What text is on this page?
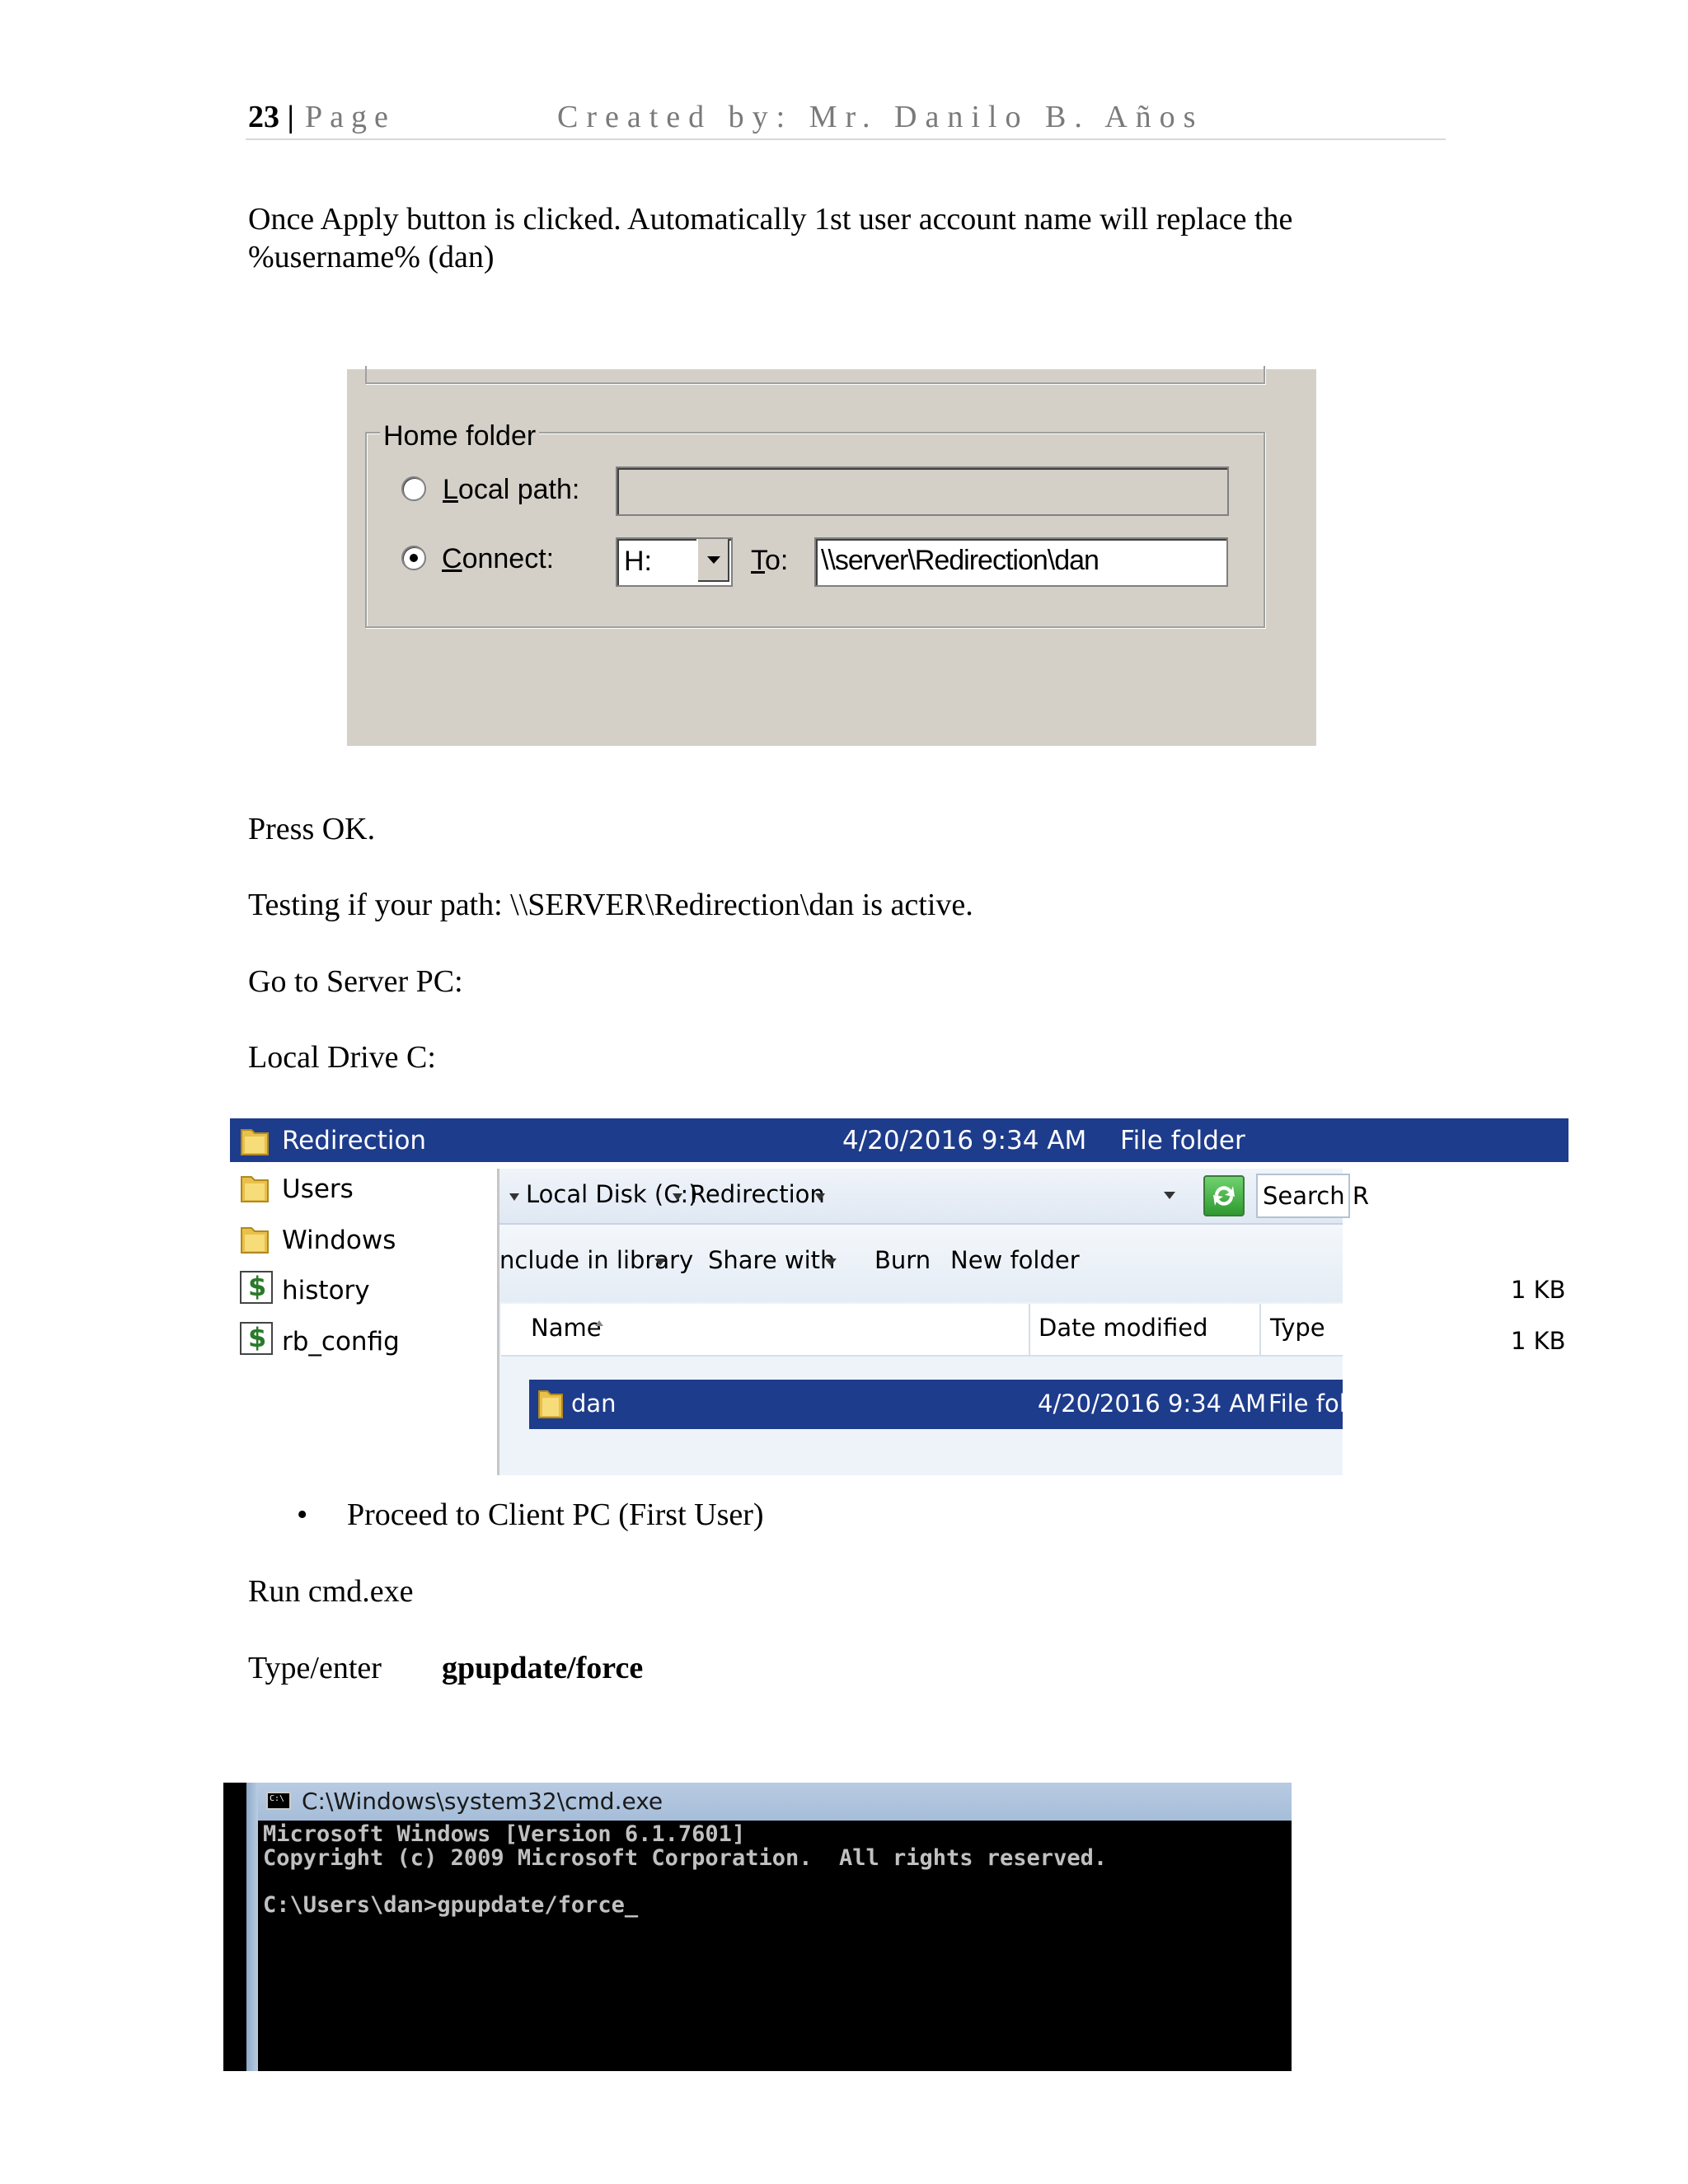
23 | Page	Created by: Mr. Danilo B. Años
Once Apply button is clicked. Automatically 1st user account name will replace the
%username% (dan)
Home folder
Local path:
Connect: H:	To: \\server\Redirection\dan
Press OK.
Testing if your path: \\SERVER\Redirection\dan is active.
Go to Server PC:
Local Drive C:
Redirection	4/20/2016 9:34 AM File folder
Users
Windows
$
history
$
rb_config
1 KB
1 KB
Local Disk (C:)
Redirection	Search R
nclude in library Share with Burn New folder
Name	Date modified	Type
dan	4/20/2016 9:34 AM File fold
• Proceed to Client PC (First User)
Run cmd.exe
Type/enter gpupdate/force
C:\ C:\Windows\system32\cmd.exe
Microsoft Windows [Version 6.1.7601]
Copyright (c) 2009 Microsoft Corporation.  All rights reserved.
C:\Users\dan>gpupdate/force_
